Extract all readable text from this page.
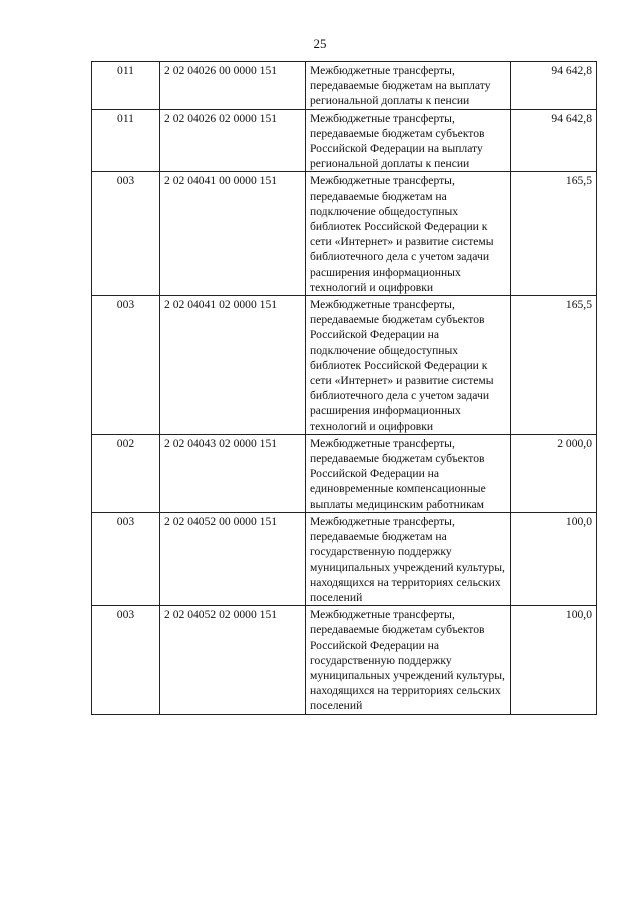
25
011	2 02 04026 00 0000 151	Межбюджетные трансферты, передаваемые бюджетам на выплату региональной доплаты к пенсии	94 642,8
011	2 02 04026 02 0000 151	Межбюджетные трансферты, передаваемые бюджетам субъектов Российской Федерации на выплату региональной доплаты к пенсии	94 642,8
003	2 02 04041 00 0000 151	Межбюджетные трансферты, передаваемые бюджетам на подключение общедоступных библиотек Российской Федерации к сети «Интернет» и развитие системы библиотечного дела с учетом задачи расширения информационных технологий и оцифровки	165,5
003	2 02 04041 02 0000 151	Межбюджетные трансферты, передаваемые бюджетам субъектов Российской Федерации на подключение общедоступных библиотек Российской Федерации к сети «Интернет» и развитие системы библиотечного дела с учетом задачи расширения информационных технологий и оцифровки	165,5
002	2 02 04043 02 0000 151	Межбюджетные трансферты, передаваемые бюджетам субъектов Российской Федерации на единовременные компенсационные выплаты медицинским работникам	2 000,0
003	2 02 04052 00 0000 151	Межбюджетные трансферты, передаваемые бюджетам на государственную поддержку муниципальных учреждений культуры, находящихся на территориях сельских поселений	100,0
003	2 02 04052 02 0000 151	Межбюджетные трансферты, передаваемые бюджетам субъектов Российской Федерации на государственную поддержку муниципальных учреждений культуры, находящихся на территориях сельских поселений	100,0
